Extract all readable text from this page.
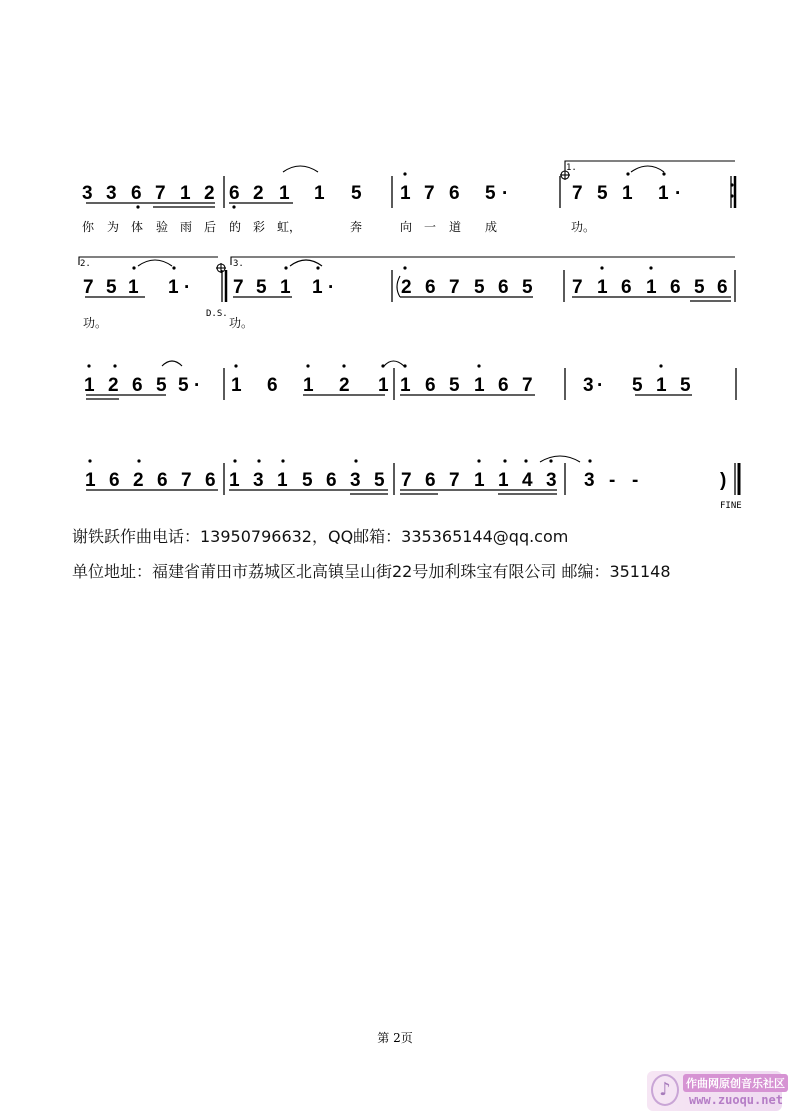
3 3 6 7 1 2 6 2 1 1 5 1 7 6 5 ·	7 5 1 1 ·
7 5 1 1 · 7 5 1 1 ·	2 6 7 5 6 5 7 1 6 1 6 5 6
1 2 6 5 5 · 1 6 1 2 1 1 6 5 1 6 7	3 · 5 1 5
1 6 2 6 7 6 1 3 1 5 6 3 5 7 6 7 1 1 4 3 3 - -	)
你 为 体 验 雨 后 的 彩 虹，	奔	向 一 道 成	功。
功。	功。
1.
2.	3.
D.S.
FINE
谢铁跃作曲电话：13950796632，QQ邮箱：335365144@qq.com
单位地址：福建省莆田市荔城区北高镇呈山街22号加利珠宝有限公司 邮编：351148
第 2页
♪	作曲网原创音乐社区
www.zuoqu.net
